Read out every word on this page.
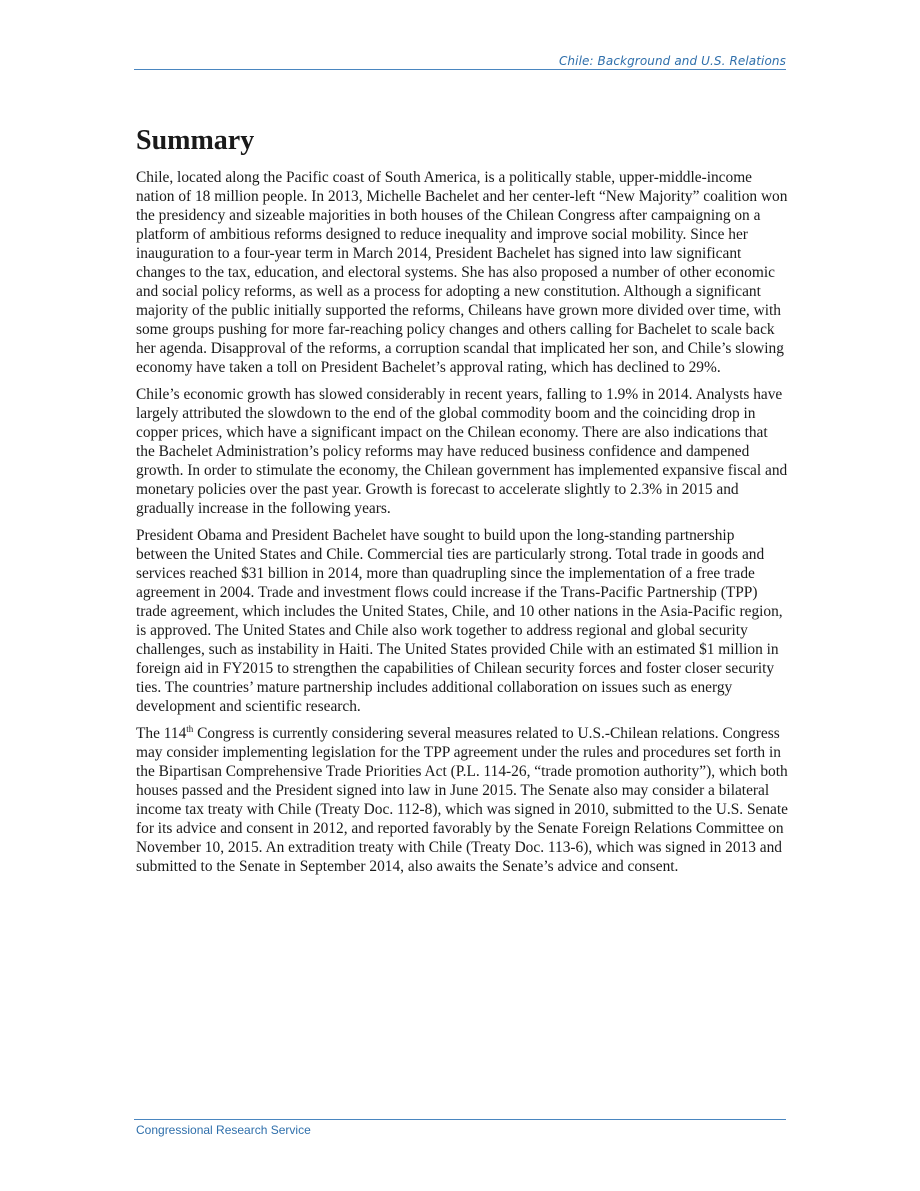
Chile: Background and U.S. Relations
Summary

Chile, located along the Pacific coast of South America, is a politically stable, upper-middle-income nation of 18 million people. In 2013, Michelle Bachelet and her center-left “New Majority” coalition won the presidency and sizeable majorities in both houses of the Chilean Congress after campaigning on a platform of ambitious reforms designed to reduce inequality and improve social mobility. Since her inauguration to a four-year term in March 2014, President Bachelet has signed into law significant changes to the tax, education, and electoral systems. She has also proposed a number of other economic and social policy reforms, as well as a process for adopting a new constitution. Although a significant majority of the public initially supported the reforms, Chileans have grown more divided over time, with some groups pushing for more far-reaching policy changes and others calling for Bachelet to scale back her agenda. Disapproval of the reforms, a corruption scandal that implicated her son, and Chile’s slowing economy have taken a toll on President Bachelet’s approval rating, which has declined to 29%.

Chile’s economic growth has slowed considerably in recent years, falling to 1.9% in 2014. Analysts have largely attributed the slowdown to the end of the global commodity boom and the coinciding drop in copper prices, which have a significant impact on the Chilean economy. There are also indications that the Bachelet Administration’s policy reforms may have reduced business confidence and dampened growth. In order to stimulate the economy, the Chilean government has implemented expansive fiscal and monetary policies over the past year. Growth is forecast to accelerate slightly to 2.3% in 2015 and gradually increase in the following years.

President Obama and President Bachelet have sought to build upon the long-standing partnership between the United States and Chile. Commercial ties are particularly strong. Total trade in goods and services reached $31 billion in 2014, more than quadrupling since the implementation of a free trade agreement in 2004. Trade and investment flows could increase if the Trans-Pacific Partnership (TPP) trade agreement, which includes the United States, Chile, and 10 other nations in the Asia-Pacific region, is approved. The United States and Chile also work together to address regional and global security challenges, such as instability in Haiti. The United States provided Chile with an estimated $1 million in foreign aid in FY2015 to strengthen the capabilities of Chilean security forces and foster closer security ties. The countries’ mature partnership includes additional collaboration on issues such as energy development and scientific research.

The 114th Congress is currently considering several measures related to U.S.-Chilean relations. Congress may consider implementing legislation for the TPP agreement under the rules and procedures set forth in the Bipartisan Comprehensive Trade Priorities Act (P.L. 114-26, “trade promotion authority”), which both houses passed and the President signed into law in June 2015. The Senate also may consider a bilateral income tax treaty with Chile (Treaty Doc. 112-8), which was signed in 2010, submitted to the U.S. Senate for its advice and consent in 2012, and reported favorably by the Senate Foreign Relations Committee on November 10, 2015. An extradition treaty with Chile (Treaty Doc. 113-6), which was signed in 2013 and submitted to the Senate in September 2014, also awaits the Senate’s advice and consent.

Congressional Research Service
